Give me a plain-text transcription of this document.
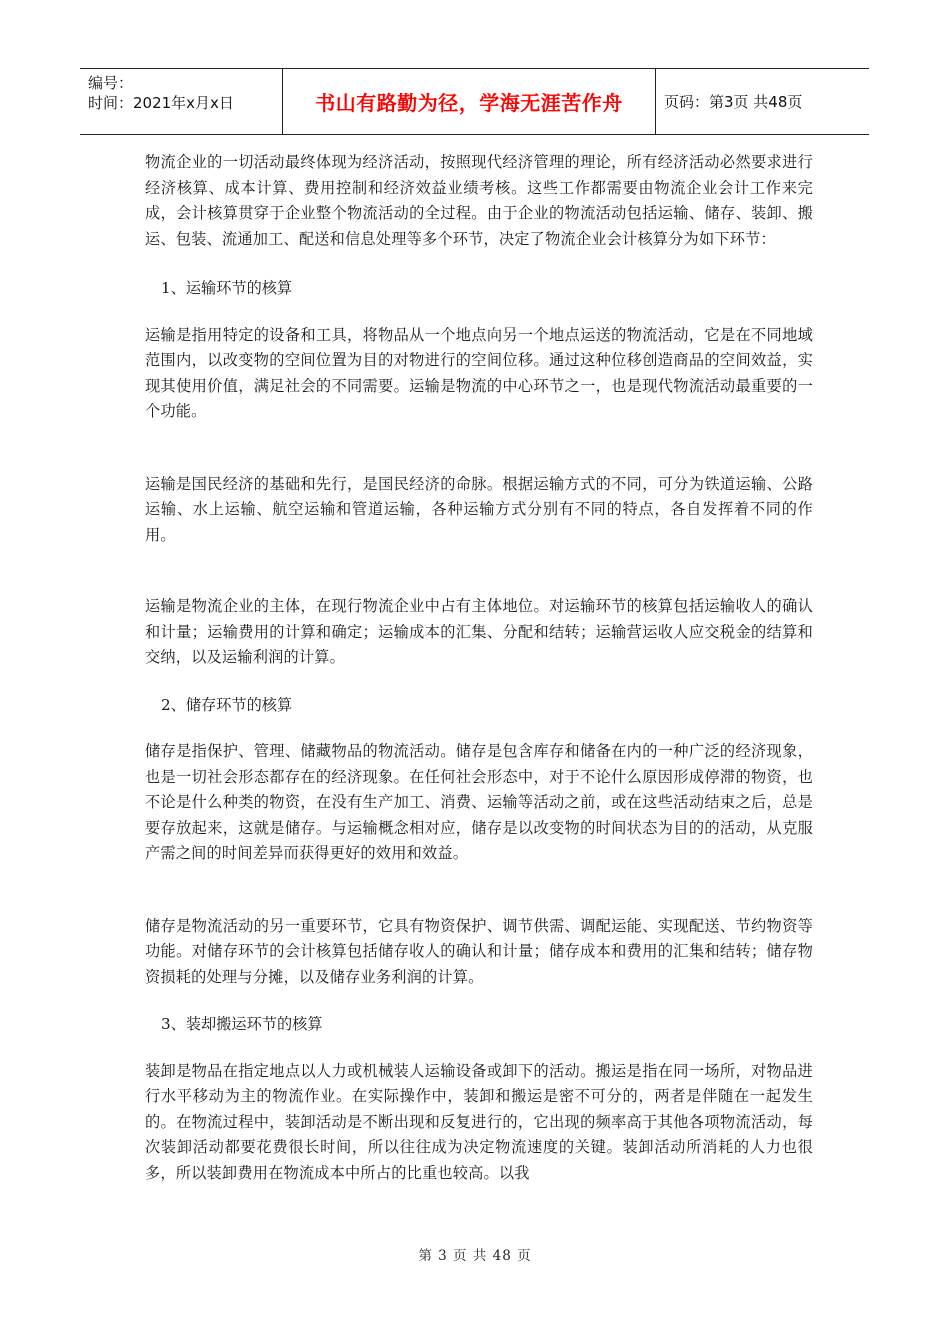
编号：
时间：2021年x月x日	书山有路勤为径，学海无涯苦作舟	页码：第3页 共48页

物流企业的一切活动最终体现为经济活动，按照现代经济管理的理论，所有经济活动必然要求进行经济核算、成本计算、费用控制和经济效益业绩考核。这些工作都需要由物流企业会计工作来完成，会计核算贯穿于企业整个物流活动的全过程。由于企业的物流活动包括运输、储存、装卸、搬运、包装、流通加工、配送和信息处理等多个环节，决定了物流企业会计核算分为如下环节：

1、运输环节的核算

运输是指用特定的设备和工具，将物品从一个地点向另一个地点运送的物流活动，它是在不同地域范围内，以改变物的空间位置为目的对物进行的空间位移。通过这种位移创造商品的空间效益，实现其使用价值，满足社会的不同需要。运输是物流的中心环节之一，也是现代物流活动最重要的一个功能。

运输是国民经济的基础和先行，是国民经济的命脉。根据运输方式的不同，可分为铁道运输、公路运输、水上运输、航空运输和管道运输，各种运输方式分别有不同的特点，各自发挥着不同的作用。

运输是物流企业的主体，在现行物流企业中占有主体地位。对运输环节的核算包括运输收人的确认和计量；运输费用的计算和确定；运输成本的汇集、分配和结转；运输营运收人应交税金的结算和交纳，以及运输利润的计算。

2、储存环节的核算

储存是指保护、管理、储藏物品的物流活动。储存是包含库存和储备在内的一种广泛的经济现象，也是一切社会形态都存在的经济现象。在任何社会形态中，对于不论什么原因形成停滞的物资，也不论是什么种类的物资，在没有生产加工、消费、运输等活动之前，或在这些活动结束之后，总是要存放起来，这就是储存。与运输概念相对应，储存是以改变物的时间状态为目的的活动，从克服产需之间的时间差异而获得更好的效用和效益。

储存是物流活动的另一重要环节，它具有物资保护、调节供需、调配运能、实现配送、节约物资等功能。对储存环节的会计核算包括储存收人的确认和计量；储存成本和费用的汇集和结转；储存物资损耗的处理与分摊，以及储存业务利润的计算。

3、装却搬运环节的核算

装卸是物品在指定地点以人力或机械装人运输设备或卸下的活动。搬运是指在同一场所，对物品进行水平移动为主的物流作业。在实际操作中，装卸和搬运是密不可分的，两者是伴随在一起发生的。在物流过程中，装卸活动是不断出现和反复进行的，它出现的频率高于其他各项物流活动，每次装卸活动都要花费很长时间，所以往往成为决定物流速度的关键。装卸活动所消耗的人力也很多，所以装卸费用在物流成本中所占的比重也较高。以我

第 3 页 共 48 页
